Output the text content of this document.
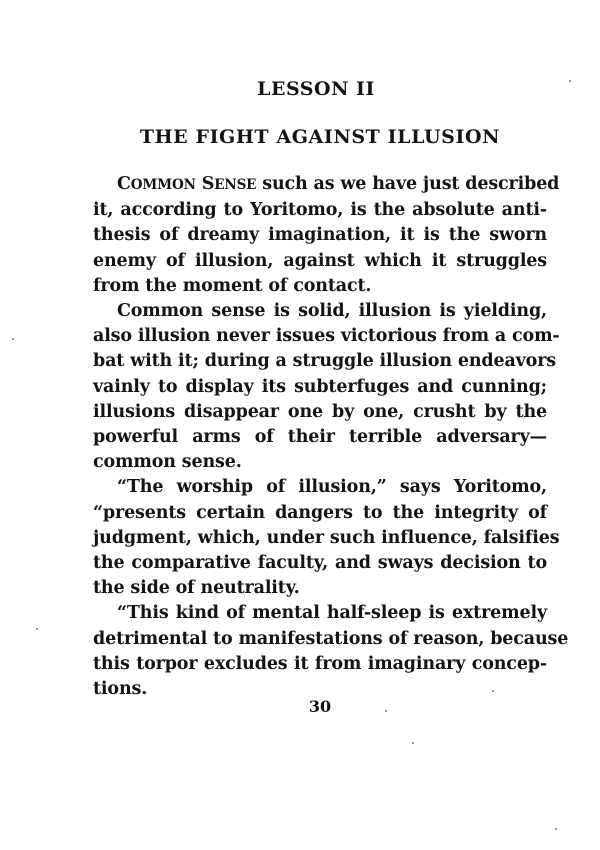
LESSON II
THE FIGHT AGAINST ILLUSION
COMMON SENSE such as we have just described
it, according to Yoritomo, is the absolute anti-
thesis of dreamy imagination, it is the sworn
enemy of illusion, against which it struggles
from the moment of contact.
Common sense is solid, illusion is yielding,
also illusion never issues victorious from a com-
bat with it; during a struggle illusion endeavors
vainly to display its subterfuges and cunning;
illusions disappear one by one, crusht by the
powerful arms of their terrible adversary—
common sense.
“The worship of illusion,” says Yoritomo,
“presents certain dangers to the integrity of
judgment, which, under such influence, falsifies
the comparative faculty, and sways decision to
the side of neutrality.
“This kind of mental half-sleep is extremely
detrimental to manifestations of reason, because
this torpor excludes it from imaginary concep-
tions.
30
